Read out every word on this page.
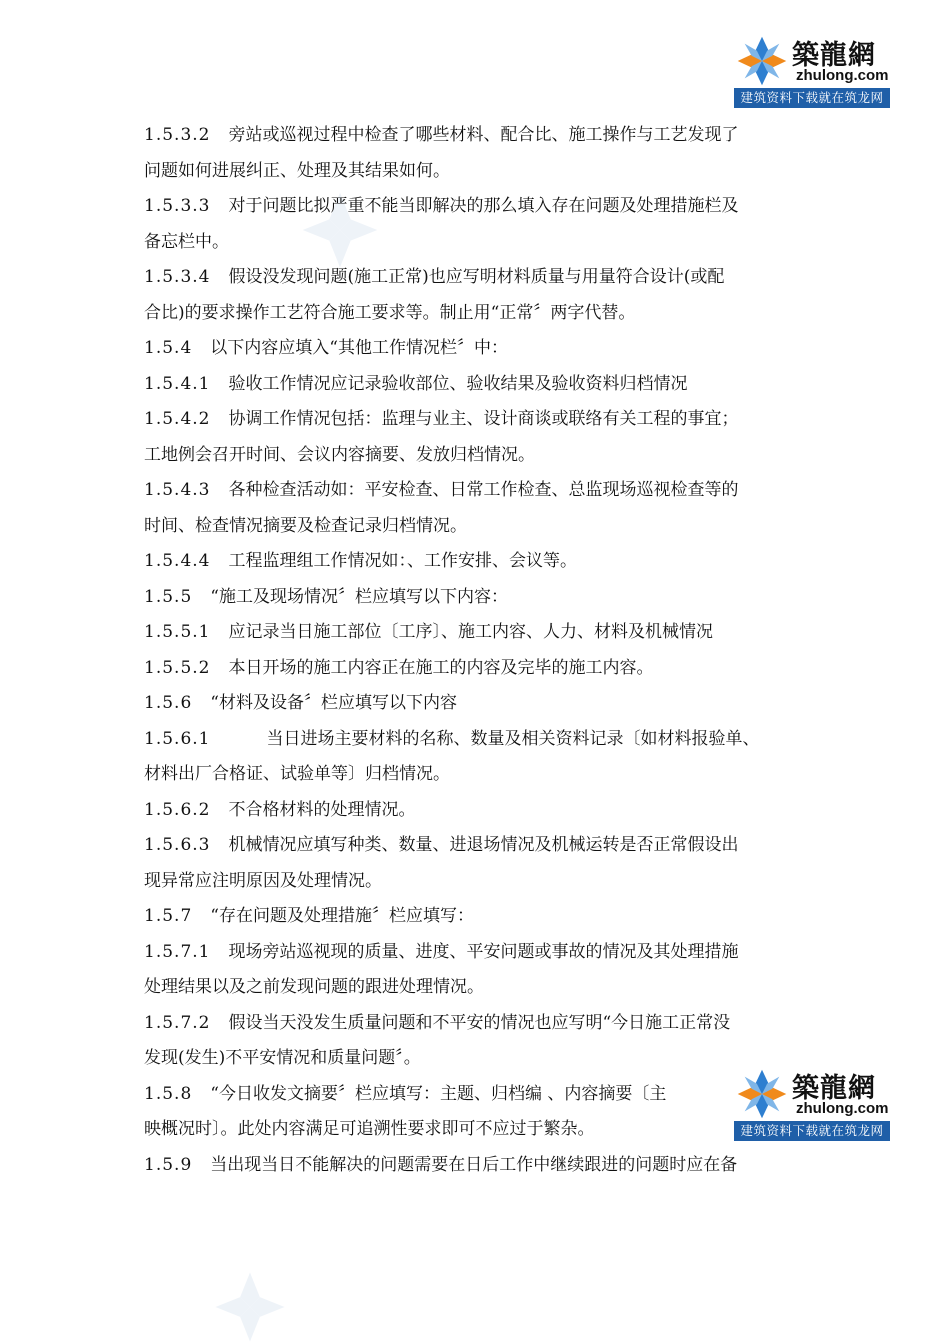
築龍網
zhulong.com
建筑资料下载就在筑龙网
築龍網
zhulong.com
建筑资料下载就在筑龙网
1.5.3.2 旁站或巡视过程中检查了哪些材料、配合比、施工操作与工艺发现了
问题如何进展纠正、处理及其结果如何。
1.5.3.3 对于问题比拟严重不能当即解决的那么填入存在问题及处理措施栏及
备忘栏中。
1.5.3.4 假设没发现问题(施工正常)也应写明材料质量与用量符合设计(或配
合比)的要求操作工艺符合施工要求等。制止用“正常〞两字代替。
1.5.4 以下内容应填入“其他工作情况栏〞中：
1.5.4.1 验收工作情况应记录验收部位、验收结果及验收资料归档情况
1.5.4.2 协调工作情况包括：监理与业主、设计商谈或联络有关工程的事宜；
工地例会召开时间、会议内容摘要、发放归档情况。
1.5.4.3 各种检查活动如：平安检查、日常工作检查、总监现场巡视检查等的
时间、检查情况摘要及检查记录归档情况。
1.5.4.4 工程监理组工作情况如：、工作安排、会议等。
1.5.5 “施工及现场情况〞栏应填写以下内容：
1.5.5.1 应记录当日施工部位〔工序〕、施工内容、人力、材料及机械情况
1.5.5.2 本日开场的施工内容正在施工的内容及完毕的施工内容。
1.5.6 “材料及设备〞栏应填写以下内容
1.5.6.1	当日进场主要材料的名称、数量及相关资料记录〔如材料报验单、
材料出厂合格证、试验单等〕归档情况。
1.5.6.2 不合格材料的处理情况。
1.5.6.3 机械情况应填写种类、数量、进退场情况及机械运转是否正常假设出
现异常应注明原因及处理情况。
1.5.7 “存在问题及处理措施〞栏应填写：
1.5.7.1 现场旁站巡视现的质量、进度、平安问题或事故的情况及其处理措施
处理结果以及之前发现问题的跟进处理情况。
1.5.7.2 假设当天没发生质量问题和不平安的情况也应写明“今日施工正常没
发现(发生)不平安情况和质量问题〞。
1.5.8 “今日收发文摘要〞栏应填写：主题、归档编 、内容摘要〔主
映概况时〕。此处内容满足可追溯性要求即可不应过于繁杂。
1.5.9 当出现当日不能解决的问题需要在日后工作中继续跟进的问题时应在备
